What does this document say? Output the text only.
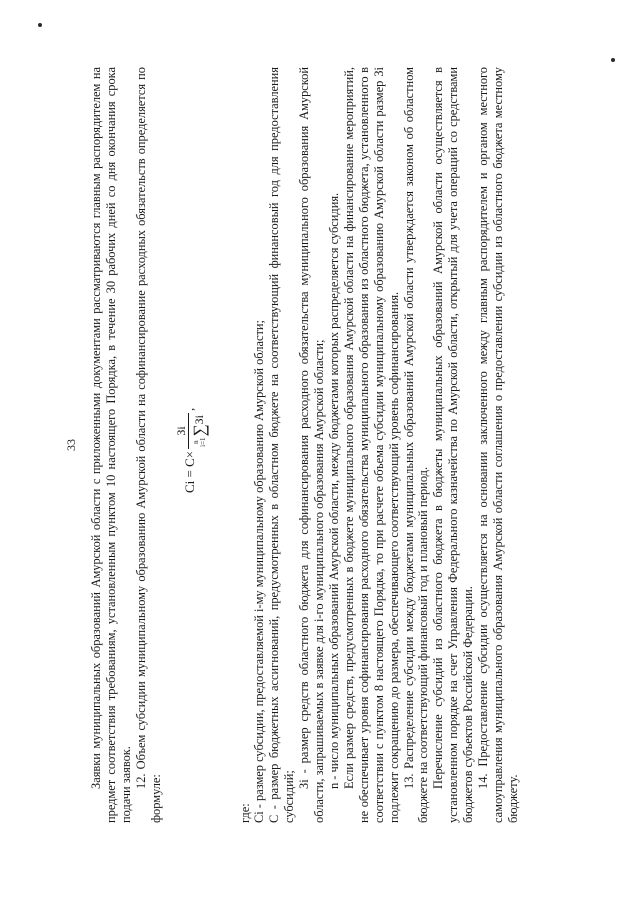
33 Заявки муниципальных образований Амурской области с приложенными документами рассматриваются главным распорядителем на предмет соответствия требованиям, установленным пунктом 10 настоящего Порядка, в течение 30 рабочих дней со дня окончания срока подачи заявок. 12. Объем субсидии муниципальному образованию Амурской области на софинансирование расходных обязательств определяется по формуле:

Сi = C×
Зi
n
i=1∑Зi
,

где: Сi - размер субсидии, предоставляемой i-му муниципальному образованию Амурской области; С - размер бюджетных ассигнований, предусмотренных в областном бюджете на соответствующий финансовый год для предоставления субсидий;

Зi - размер средств областного бюджета для софинансирования расходного обязательства муниципального образования Амурской области, запрашиваемых в заявке для i-го муниципального образования Амурской области; n - число муниципальных образований Амурской области, между бюджетами которых распределяется субсидия. Если размер средств, предусмотренных в бюджете муниципального образования Амурской области на финансирование мероприятий, не обеспечивает уровня софинансирования расходного обязательства муниципального образования из областного бюджета, установленного в соответствии с пунктом 8 настоящего Порядка, то при расчете объема субсидии муниципальному образованию Амурской области размер Зi подлежит сокращению до размера, обеспечивающего соответствующий уровень софинансирования. 13. Распределение субсидии между бюджетами муниципальных образований Амурской области утверждается законом об областном бюджете на соответствующий финансовый год и плановый период. Перечисление субсидий из областного бюджета в бюджеты муниципальных образований Амурской области осуществляется в установленном порядке на счет Управления Федерального казначейства по Амурской области, открытый для учета операций со средствами бюджетов субъектов Российской Федерации. 14. Предоставление субсидии осуществляется на основании заключенного между главным распорядителем и органом местного самоуправления муниципального образования Амурской области соглашения о предоставлении субсидии из областного бюджета местному бюджету.
